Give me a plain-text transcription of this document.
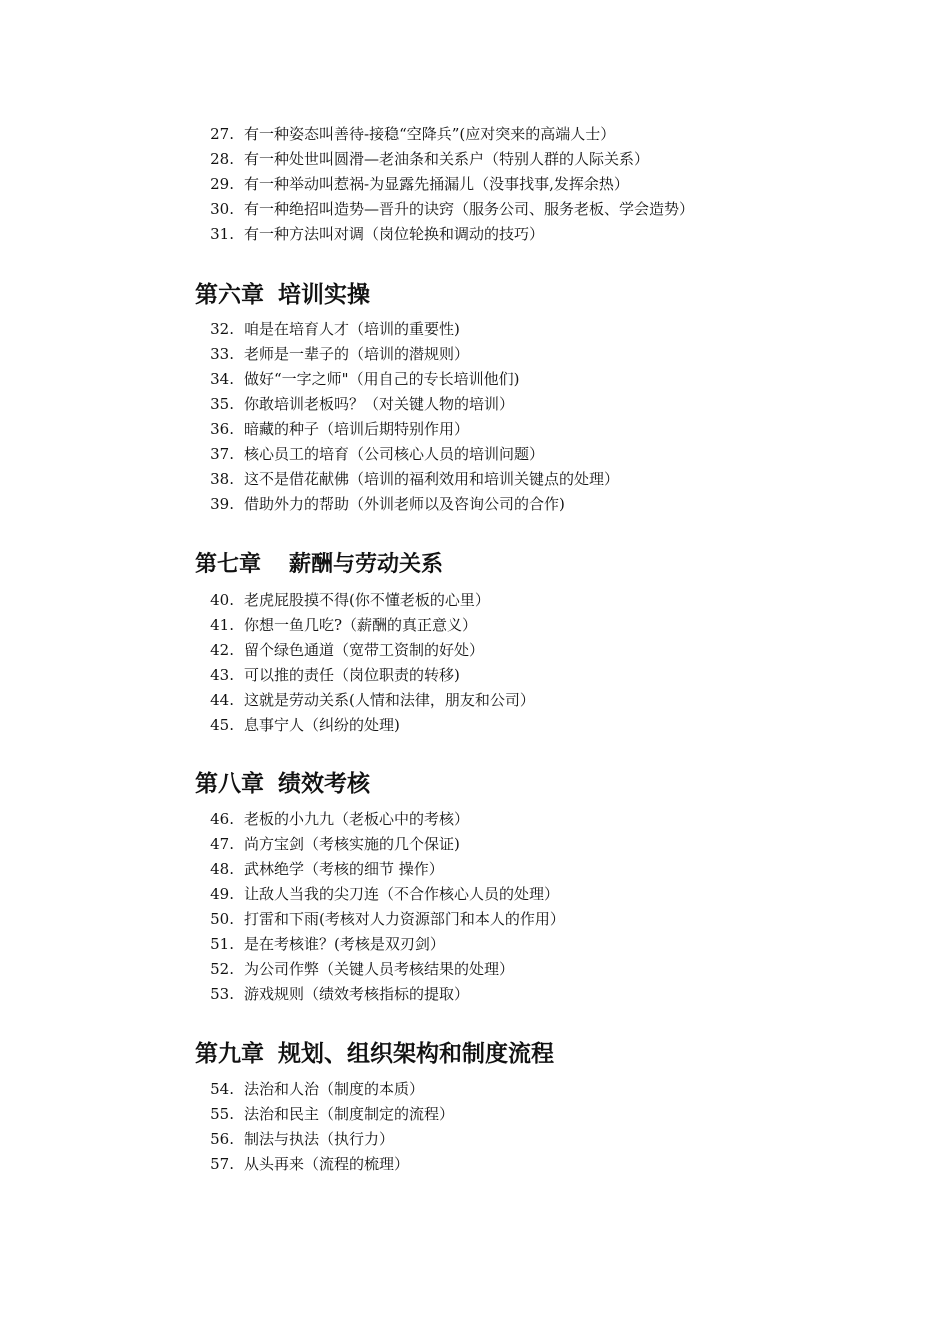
27. 有一种姿态叫善待-接稳“空降兵”(应对突来的高端人士）
28. 有一种处世叫圆滑—老油条和关系户（特别人群的人际关系）
29. 有一种举动叫惹祸-为显露先捅漏儿（没事找事,发挥余热）
30. 有一种绝招叫造势—晋升的诀窍（服务公司、服务老板、学会造势）
31. 有一种方法叫对调（岗位轮换和调动的技巧）
第六章 培训实操
32. 咱是在培育人才（培训的重要性)
33. 老师是一辈子的（培训的潜规则）
34. 做好“一字之师"（用自己的专长培训他们)
35. 你敢培训老板吗？（对关键人物的培训）
36. 暗藏的种子（培训后期特别作用）
37. 核心员工的培育（公司核心人员的培训问题）
38. 这不是借花献佛（培训的福利效用和培训关键点的处理）
39. 借助外力的帮助（外训老师以及咨询公司的合作)
第七章 薪酬与劳动关系
40. 老虎屁股摸不得(你不懂老板的心里）
41. 你想一鱼几吃?（薪酬的真正意义）
42. 留个绿色通道（宽带工资制的好处）
43. 可以推的责任（岗位职责的转移)
44. 这就是劳动关系(人情和法律，朋友和公司）
45. 息事宁人（纠纷的处理)
第八章 绩效考核
46. 老板的小九九（老板心中的考核）
47. 尚方宝剑（考核实施的几个保证)
48. 武林绝学（考核的细节 操作）
49. 让敌人当我的尖刀连（不合作核心人员的处理）
50. 打雷和下雨(考核对人力资源部门和本人的作用）
51. 是在考核谁？(考核是双刃剑）
52. 为公司作弊（关键人员考核结果的处理）
53. 游戏规则（绩效考核指标的提取）
第九章 规划、组织架构和制度流程
54. 法治和人治（制度的本质）
55. 法治和民主（制度制定的流程）
56. 制法与执法（执行力）
57. 从头再来（流程的梳理）
